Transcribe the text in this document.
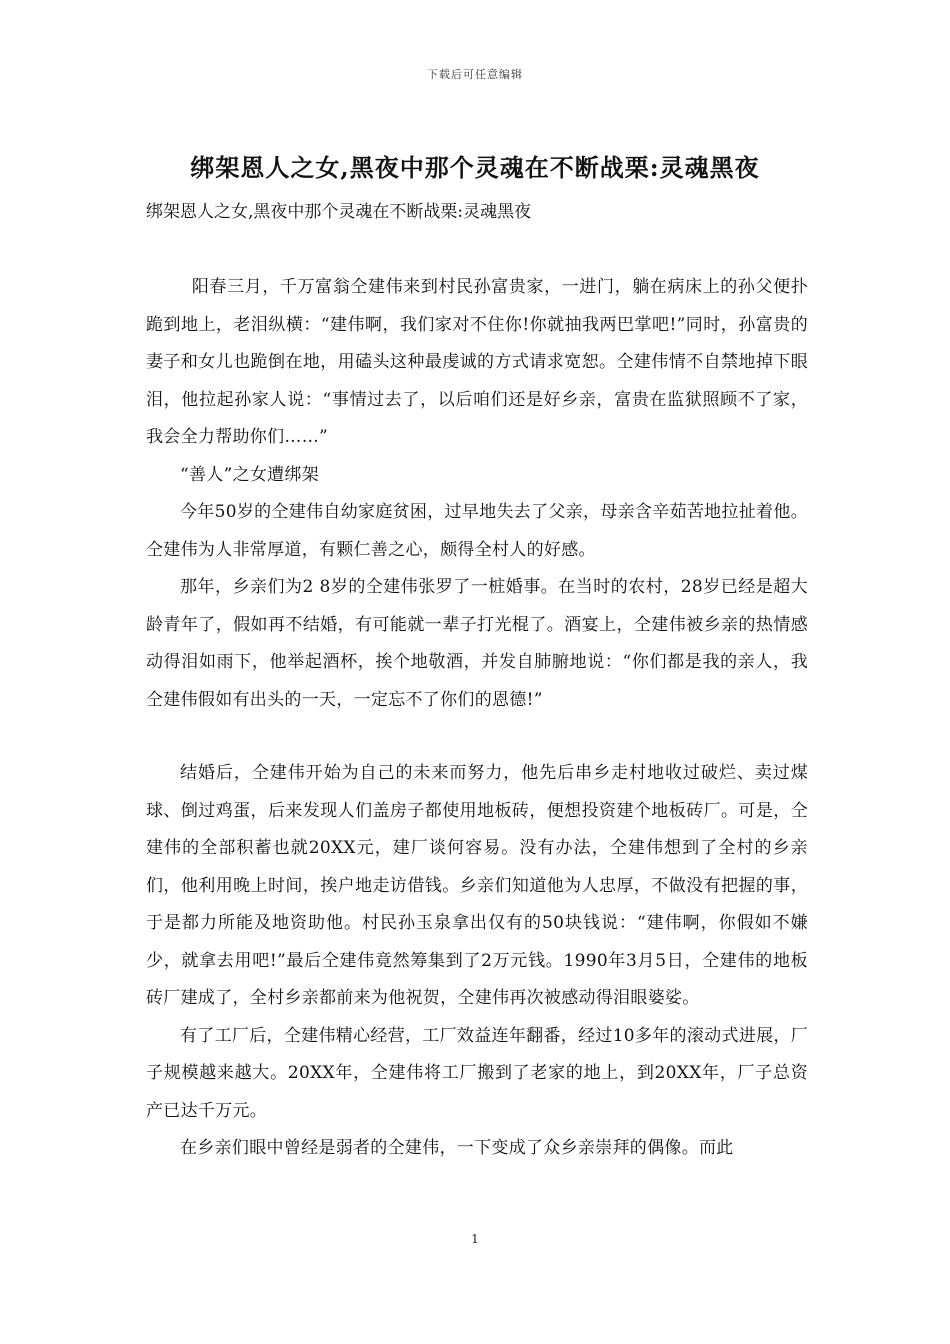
下载后可任意编辑
绑架恩人之女,黑夜中那个灵魂在不断战栗:灵魂黑夜

绑架恩人之女,黑夜中那个灵魂在不断战栗:灵魂黑夜

阳春三月，千万富翁仝建伟来到村民孙富贵家，一进门，躺在病床上的孙父便扑跪到地上，老泪纵横：“建伟啊，我们家对不住你!你就抽我两巴掌吧!”同时，孙富贵的妻子和女儿也跪倒在地，用磕头这种最虔诚的方式请求宽恕。仝建伟情不自禁地掉下眼泪，他拉起孙家人说：“事情过去了，以后咱们还是好乡亲，富贵在监狱照顾不了家，我会全力帮助你们……”

“善人”之女遭绑架

今年50岁的仝建伟自幼家庭贫困，过早地失去了父亲，母亲含辛茹苦地拉扯着他。仝建伟为人非常厚道，有颗仁善之心，颇得全村人的好感。

那年，乡亲们为2 8岁的仝建伟张罗了一桩婚事。在当时的农村，28岁已经是超大龄青年了，假如再不结婚，有可能就一辈子打光棍了。酒宴上，仝建伟被乡亲的热情感动得泪如雨下，他举起酒杯，挨个地敬酒，并发自肺腑地说：“你们都是我的亲人，我仝建伟假如有出头的一天，一定忘不了你们的恩德!”

结婚后，仝建伟开始为自己的未来而努力，他先后串乡走村地收过破烂、卖过煤球、倒过鸡蛋，后来发现人们盖房子都使用地板砖，便想投资建个地板砖厂。可是，仝建伟的全部积蓄也就20XX元，建厂谈何容易。没有办法，仝建伟想到了全村的乡亲们，他利用晚上时间，挨户地走访借钱。乡亲们知道他为人忠厚，不做没有把握的事，于是都力所能及地资助他。村民孙玉泉拿出仅有的50块钱说：“建伟啊，你假如不嫌少，就拿去用吧!”最后仝建伟竟然筹集到了2万元钱。1990年3月5日，仝建伟的地板砖厂建成了，全村乡亲都前来为他祝贺，仝建伟再次被感动得泪眼婆娑。

有了工厂后，仝建伟精心经营，工厂效益连年翻番，经过10多年的滚动式进展，厂子规模越来越大。20XX年，仝建伟将工厂搬到了老家的地上，到20XX年，厂子总资产已达千万元。

在乡亲们眼中曾经是弱者的仝建伟，一下变成了众乡亲崇拜的偶像。而此

1
